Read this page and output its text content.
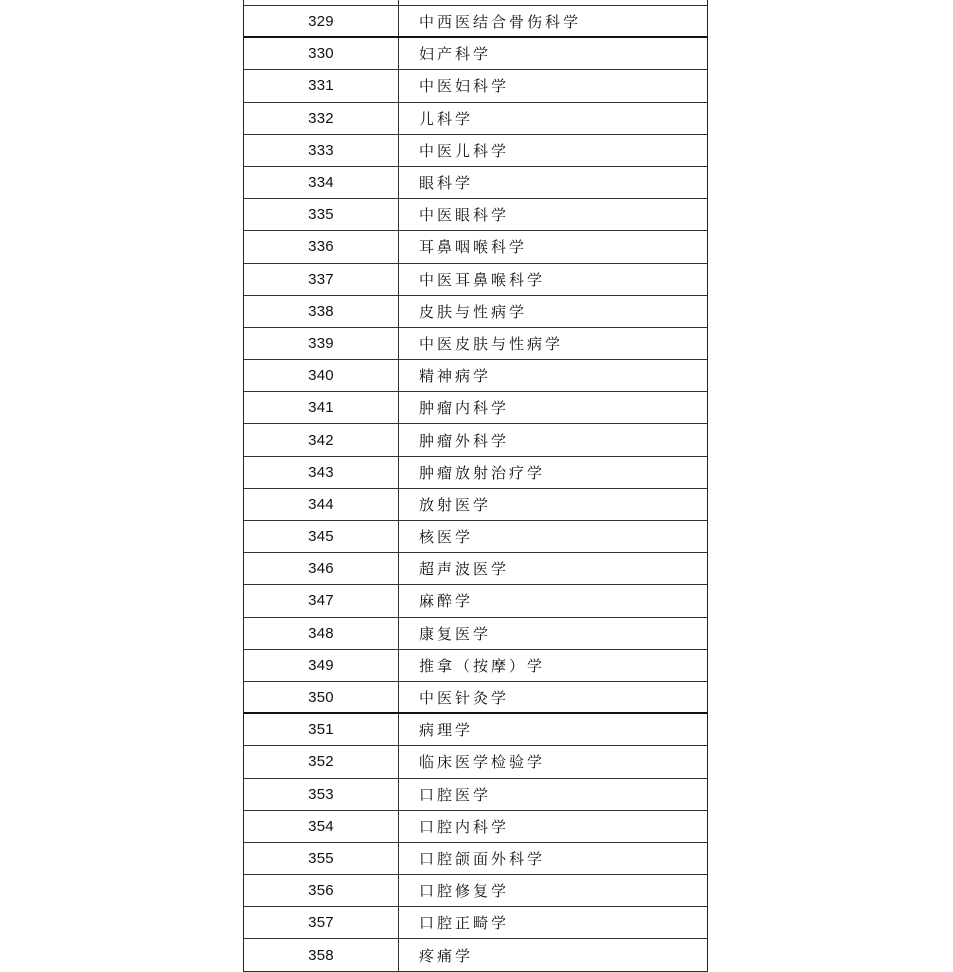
329	中西医结合骨伤科学
330	妇产科学
331	中医妇科学
332	儿科学
333	中医儿科学
334	眼科学
335	中医眼科学
336	耳鼻咽喉科学
337	中医耳鼻喉科学
338	皮肤与性病学
339	中医皮肤与性病学
340	精神病学
341	肿瘤内科学
342	肿瘤外科学
343	肿瘤放射治疗学
344	放射医学
345	核医学
346	超声波医学
347	麻醉学
348	康复医学
349	推拿（按摩）学
350	中医针灸学
351	病理学
352	临床医学检验学
353	口腔医学
354	口腔内科学
355	口腔颌面外科学
356	口腔修复学
357	口腔正畸学
358	疼痛学
